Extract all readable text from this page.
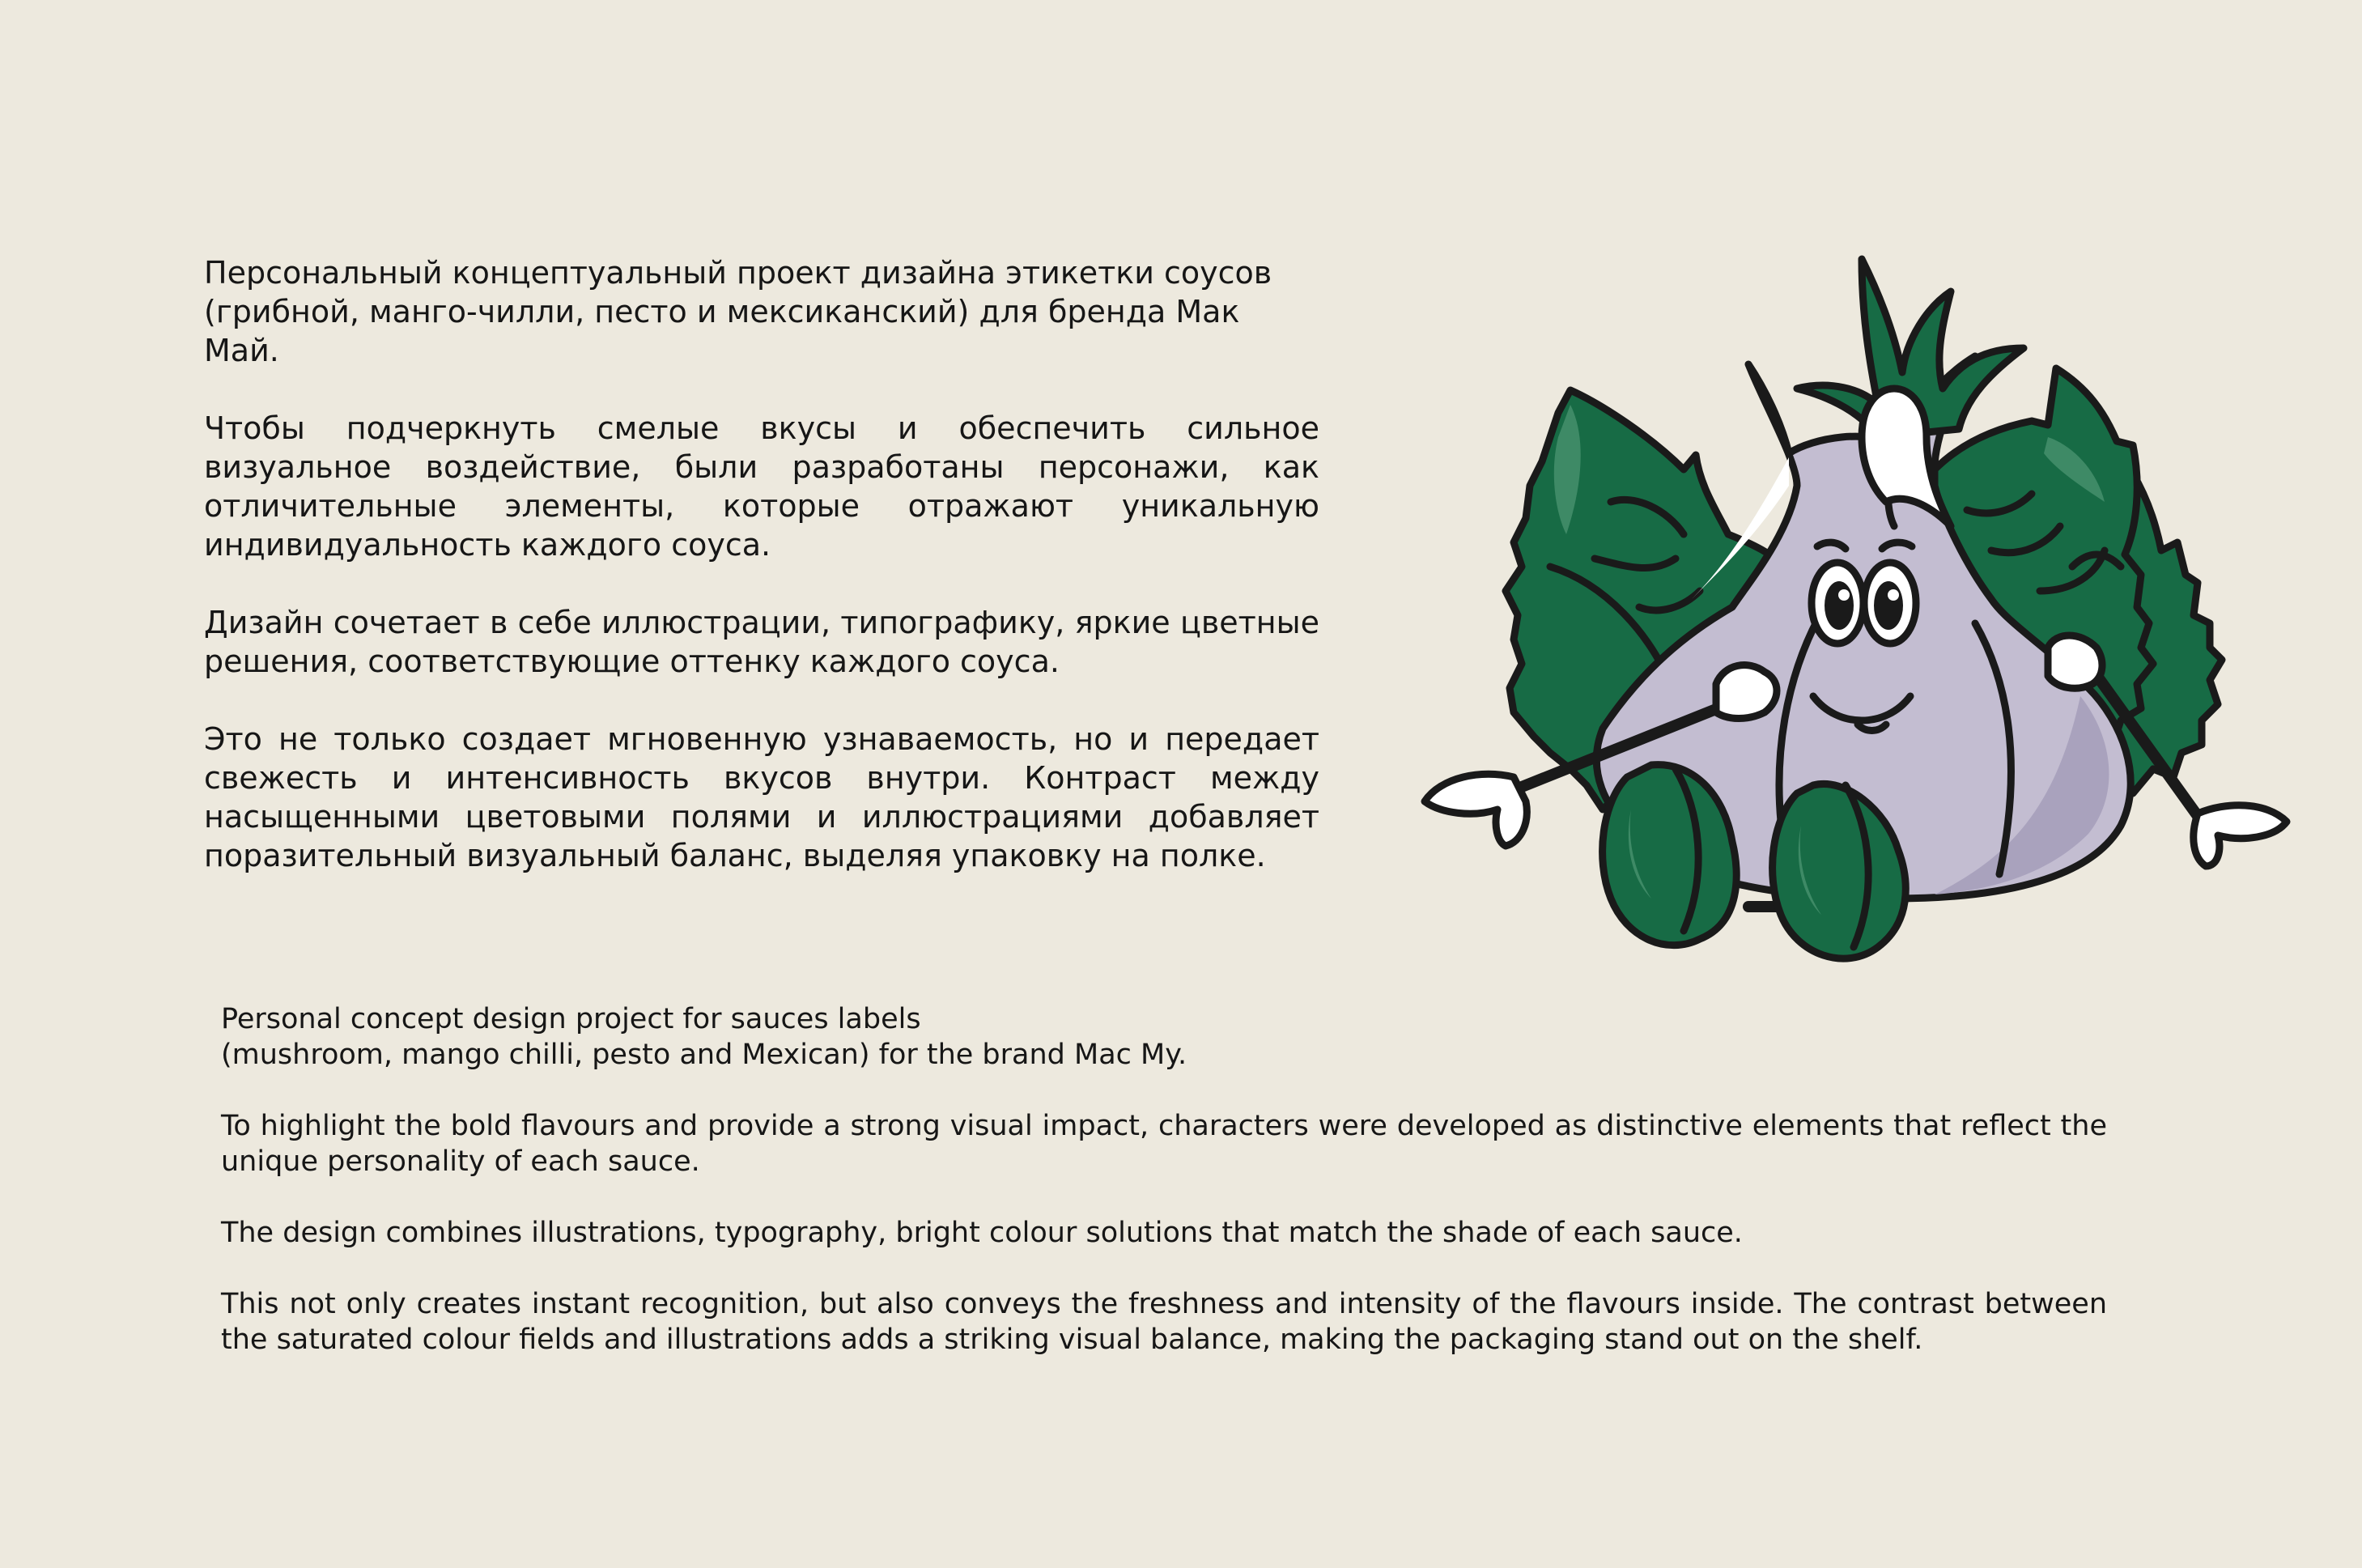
Персональный концептуальный проект дизайна этикетки соусов
(грибной, манго-чилли, песто и мексиканский) для бренда Мак Май.

Чтобы подчеркнуть смелые вкусы и обеспечить сильное визуальное воздействие, были разработаны персонажи, как отличительные элементы, которые отражают уникальную индивидуальность каждого соуса.

Дизайн сочетает в себе иллюстрации, типографику, яркие цветные решения, соответствующие оттенку каждого соуса.

Это не только создает мгновенную узнаваемость, но и передает свежесть и интенсивность вкусов внутри. Контраст между насыщенными цветовыми полями и иллюстрациями добавляет поразительный визуальный баланс, выделяя упаковку на полке.

Personal concept design project for sauces labels
(mushroom, mango chilli, pesto and Mexican) for the brand Mac My.

To highlight the bold flavours and provide a strong visual impact, characters were developed as distinctive elements that reflect the unique personality of each sauce.

The design combines illustrations, typography, bright colour solutions that match the shade of each sauce.

This not only creates instant recognition, but also conveys the freshness and intensity of the flavours inside. The contrast between the saturated colour fields and illustrations adds a striking visual balance, making the packaging stand out on the shelf.
